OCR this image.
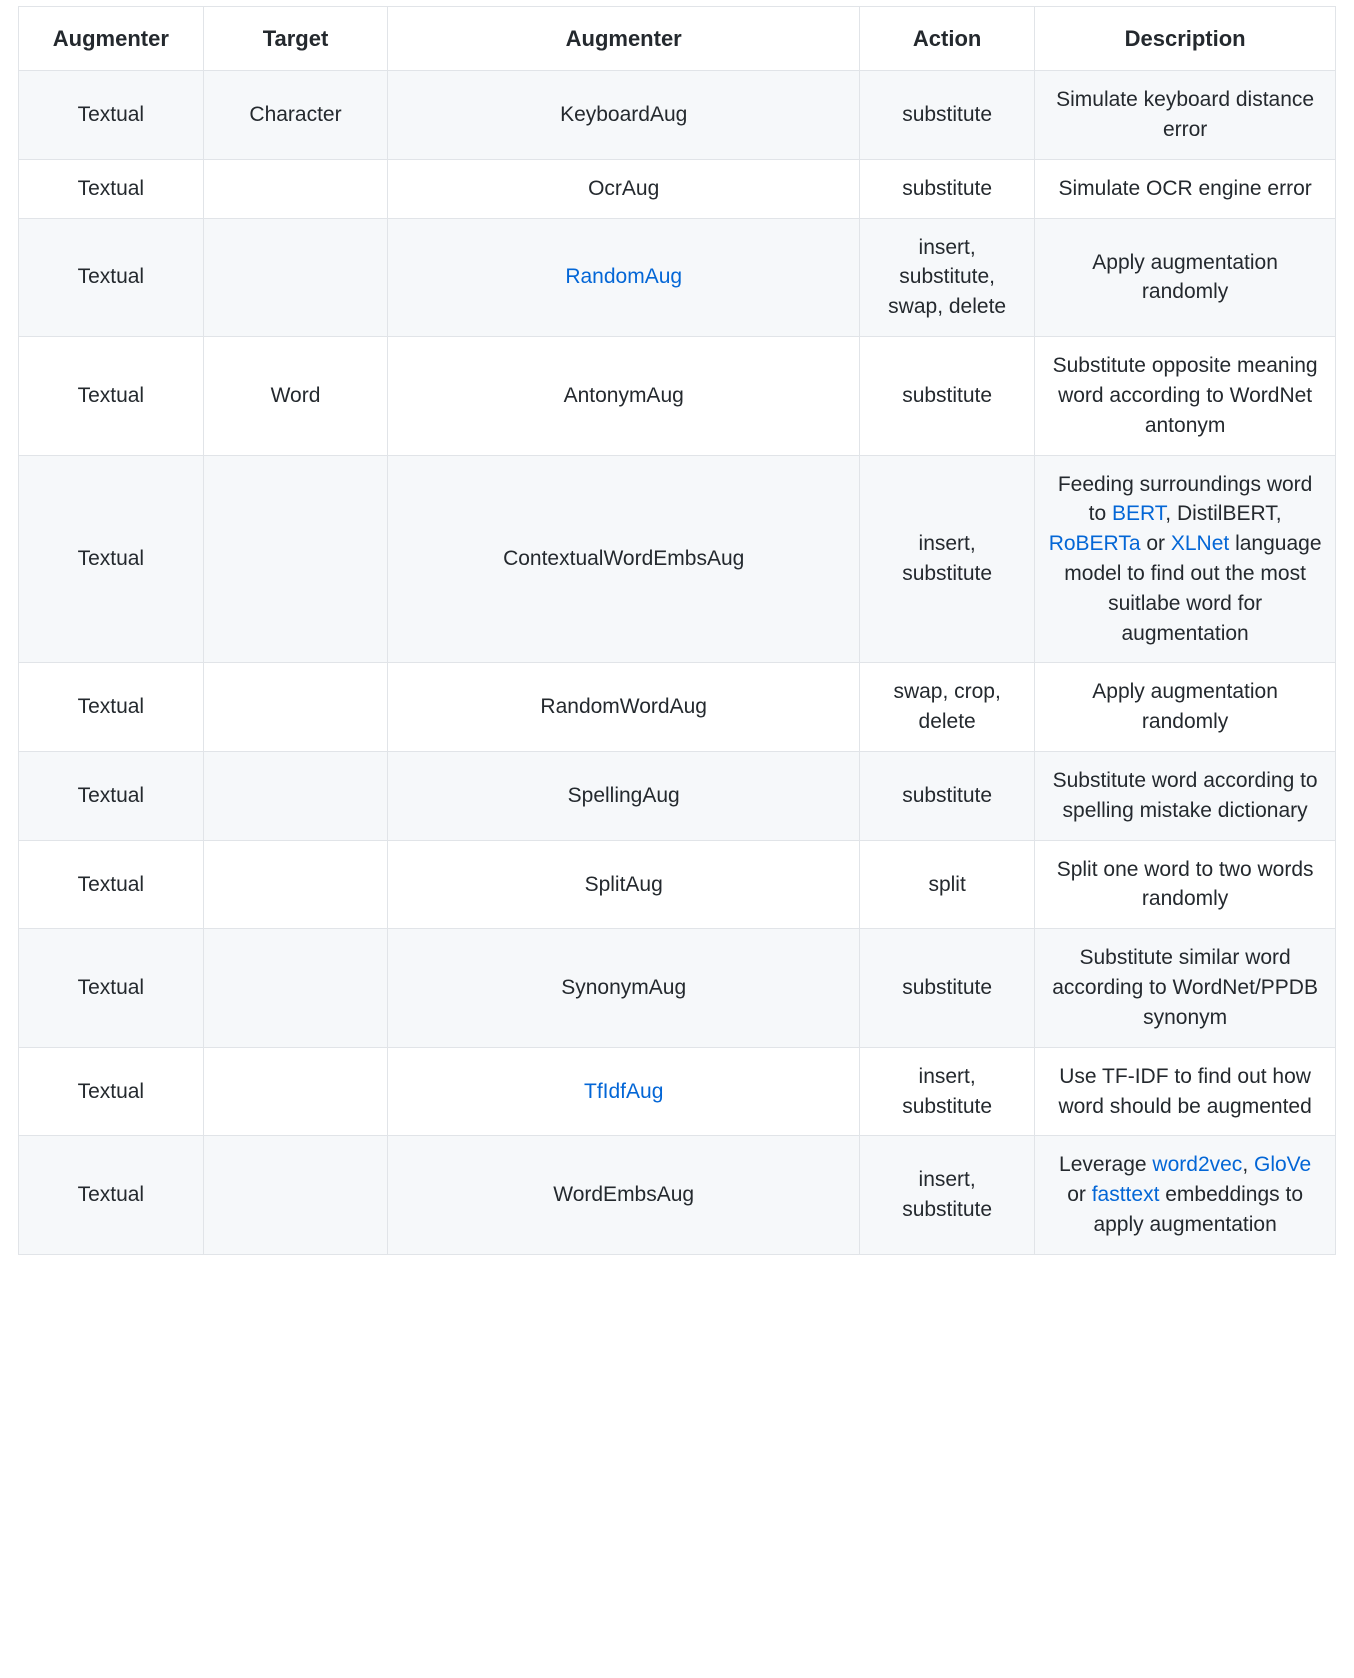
Augmenter	Target	Augmenter	Action	Description
Textual	Character	KeyboardAug	substitute	Simulate keyboard distance error
Textual		OcrAug	substitute	Simulate OCR engine error
Textual		RandomAug	insert, substitute, swap, delete	Apply augmentation randomly
Textual	Word	AntonymAug	substitute	Substitute opposite meaning word according to WordNet antonym
Textual		ContextualWordEmbsAug	insert, substitute	Feeding surroundings word to BERT, DistilBERT, RoBERTa or XLNet language model to find out the most suitlabe word for augmentation
Textual		RandomWordAug	swap, crop, delete	Apply augmentation randomly
Textual		SpellingAug	substitute	Substitute word according to spelling mistake dictionary
Textual		SplitAug	split	Split one word to two words randomly
Textual		SynonymAug	substitute	Substitute similar word according to WordNet/PPDB synonym
Textual		TfIdfAug	insert, substitute	Use TF-IDF to find out how word should be augmented
Textual		WordEmbsAug	insert, substitute	Leverage word2vec, GloVe or fasttext embeddings to apply augmentation
